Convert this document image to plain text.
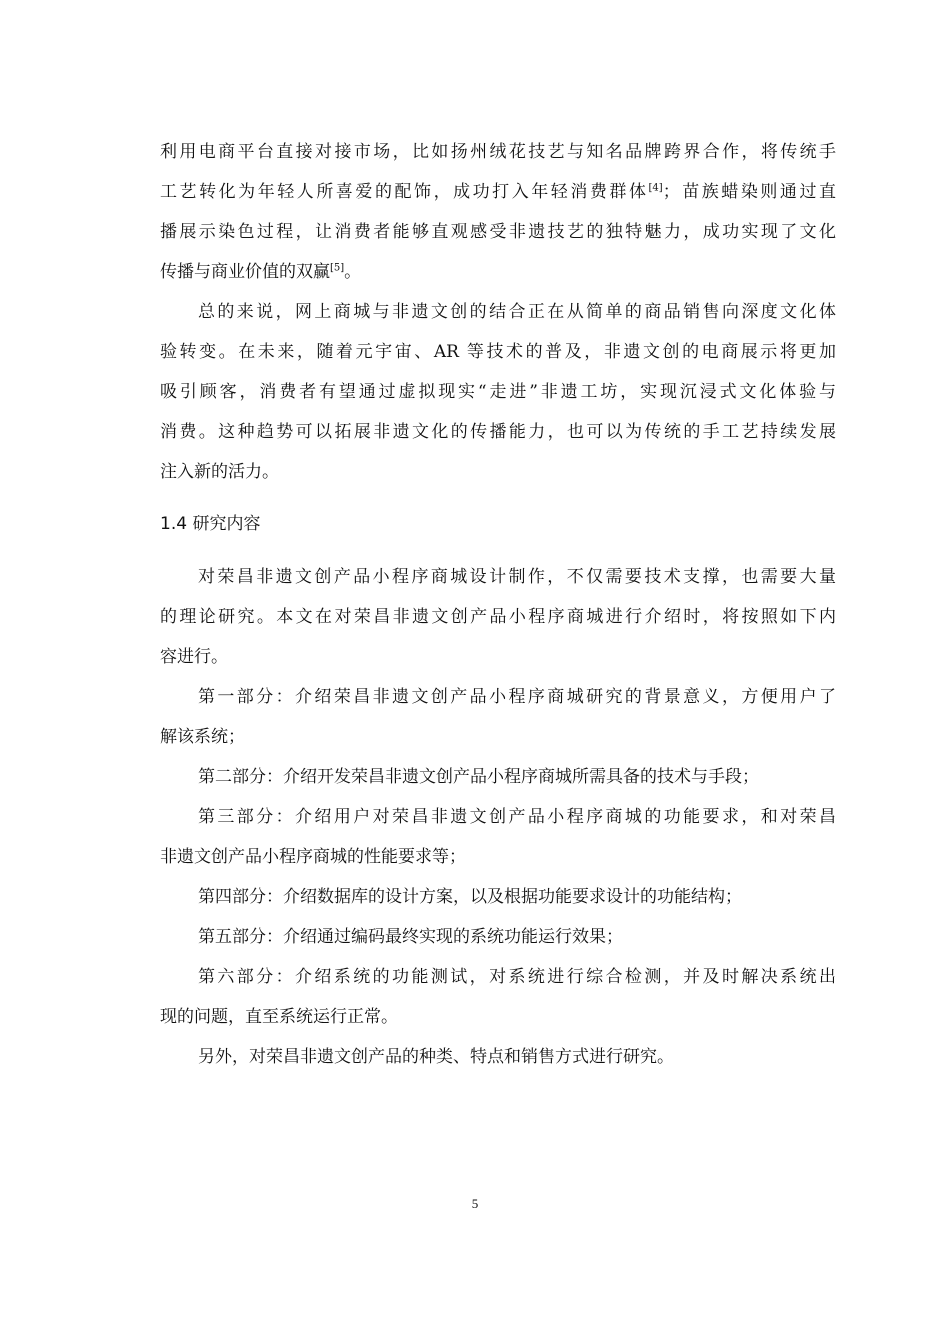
利用电商平台直接对接市场，比如扬州绒花技艺与知名品牌跨界合作，将传统手
工艺转化为年轻人所喜爱的配饰，成功打入年轻消费群体[4]；苗族蜡染则通过直
播展示染色过程，让消费者能够直观感受非遗技艺的独特魅力，成功实现了文化
传播与商业价值的双赢[5]。
总的来说，网上商城与非遗文创的结合正在从简单的商品销售向深度文化体
验转变。在未来，随着元宇宙、AR 等技术的普及，非遗文创的电商展示将更加
吸引顾客，消费者有望通过虚拟现实“走进”非遗工坊，实现沉浸式文化体验与
消费。这种趋势可以拓展非遗文化的传播能力，也可以为传统的手工艺持续发展
注入新的活力。
1.4 研究内容
对荣昌非遗文创产品小程序商城设计制作，不仅需要技术支撑，也需要大量
的理论研究。本文在对荣昌非遗文创产品小程序商城进行介绍时，将按照如下内
容进行。
第一部分：介绍荣昌非遗文创产品小程序商城研究的背景意义，方便用户了
解该系统；
第二部分：介绍开发荣昌非遗文创产品小程序商城所需具备的技术与手段；
第三部分：介绍用户对荣昌非遗文创产品小程序商城的功能要求，和对荣昌
非遗文创产品小程序商城的性能要求等；
第四部分：介绍数据库的设计方案，以及根据功能要求设计的功能结构；
第五部分：介绍通过编码最终实现的系统功能运行效果；
第六部分：介绍系统的功能测试，对系统进行综合检测，并及时解决系统出
现的问题，直至系统运行正常。
另外，对荣昌非遗文创产品的种类、特点和销售方式进行研究。
5
